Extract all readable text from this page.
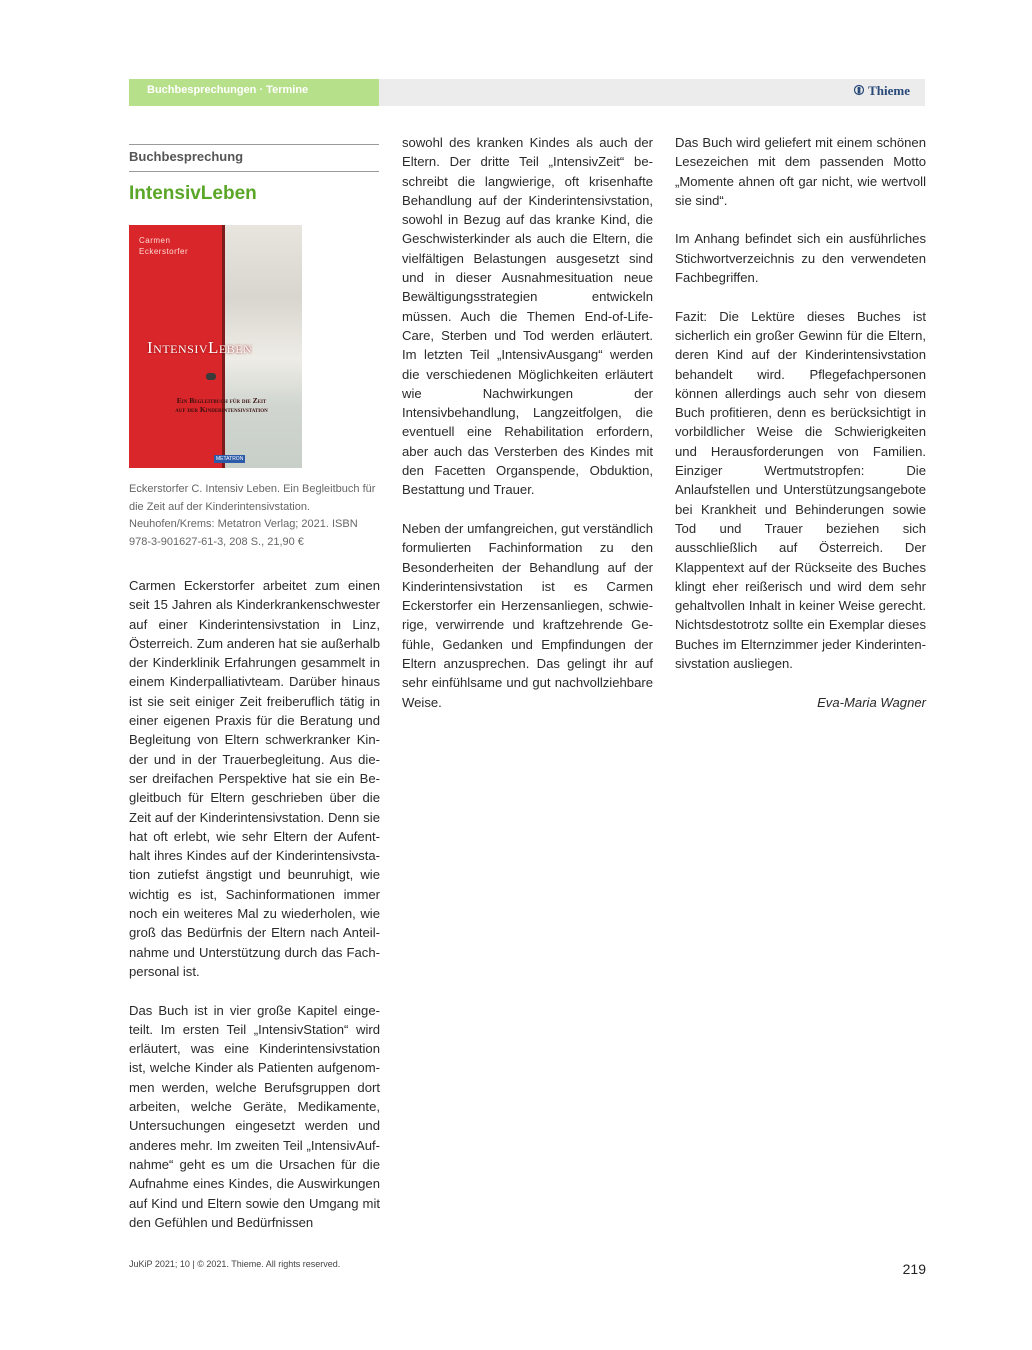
Buchbesprechungen · Termine	Thieme
Buchbesprechung
IntensivLeben
Carmen
Eckerstorfer
IntensivLeben
Ein Begleitbuch für die Zeit
auf der Kinderintensivstation
METATRON
Eckerstorfer C. Intensiv Leben. Ein Begleitbuch für die Zeit auf der Kinderintensivstation. Neuhofen/Krems: Metatron Verlag; 2021. ISBN 978-3-901627-61-3, 208 S., 21,90 €

Carmen Eckerstorfer arbeitet zum einen seit 15 Jahren als Kinderkrankenschwester auf einer Kinderintensivstation in Linz, Österreich. Zum anderen hat sie außerhalb der Kinderklinik Erfahrungen gesammelt in einem Kinderpalliativteam. Darüber hinaus ist sie seit einiger Zeit freiberuflich tätig in einer eigenen Praxis für die Beratung und Begleitung von Eltern schwerkranker Kinder und in der Trauerbegleitung. Aus dieser dreifachen Perspektive hat sie ein Begleitbuch für Eltern geschrieben über die Zeit auf der Kinderintensivstation. Denn sie hat oft erlebt, wie sehr Eltern der Aufenthalt ihres Kindes auf der Kinderintensivstation zutiefst ängstigt und beunruhigt, wie wichtig es ist, Sachinformationen immer noch ein weiteres Mal zu wiederholen, wie groß das Bedürfnis der Eltern nach Anteilnahme und Unterstützung durch das Fachpersonal ist.

Das Buch ist in vier große Kapitel eingeteilt. Im ersten Teil „IntensivStation“ wird erläutert, was eine Kinderintensivstation ist, welche Kinder als Patienten aufgenommen werden, welche Berufsgruppen dort arbeiten, welche Geräte, Medikamente, Untersuchungen eingesetzt werden und anderes mehr. Im zweiten Teil „IntensivAufnahme“ geht es um die Ursachen für die Aufnahme eines Kindes, die Auswirkungen auf Kind und Eltern sowie den Umgang mit den Gefühlen und Bedürfnissen

sowohl des kranken Kindes als auch der Eltern. Der dritte Teil „IntensivZeit“ beschreibt die langwierige, oft krisenhafte Behandlung auf der Kinderintensivstation, sowohl in Bezug auf das kranke Kind, die Geschwisterkinder als auch die Eltern, die vielfältigen Belastungen ausgesetzt sind und in dieser Ausnahmesituation neue Bewältigungsstrategien entwickeln müssen. Auch die Themen End-of-Life-Care, Sterben und Tod werden erläutert. Im letzten Teil „IntensivAusgang“ werden die verschiedenen Möglichkeiten erläutert wie Nachwirkungen der Intensivbehandlung, Langzeitfolgen, die eventuell eine Rehabilitation erfordern, aber auch das Versterben des Kindes mit den Facetten Organspende, Obduktion, Bestattung und Trauer.

Neben der umfangreichen, gut verständlich formulierten Fachinformation zu den Besonderheiten der Behandlung auf der Kinderintensivstation ist es Carmen Eckerstorfer ein Herzensanliegen, schwierige, verwirrende und kraftzehrende Gefühle, Gedanken und Empfindungen der Eltern anzusprechen. Das gelingt ihr auf sehr einfühlsame und gut nachvollziehbare Weise.

Das Buch wird geliefert mit einem schönen Lesezeichen mit dem passenden Motto „Momente ahnen oft gar nicht, wie wertvoll sie sind“.

Im Anhang befindet sich ein ausführliches Stichwortverzeichnis zu den verwendeten Fachbegriffen.

Fazit: Die Lektüre dieses Buches ist sicherlich ein großer Gewinn für die Eltern, deren Kind auf der Kinderintensivstation behandelt wird. Pflegefachpersonen können allerdings auch sehr von diesem Buch profitieren, denn es berücksichtigt in vorbildlicher Weise die Schwierigkeiten und Herausforderungen von Familien. Einziger Wertmutstropfen: Die Anlaufstellen und Unterstützungsangebote bei Krankheit und Behinderungen sowie Tod und Trauer beziehen sich ausschließlich auf Österreich. Der Klappentext auf der Rückseite des Buches klingt eher reißerisch und wird dem sehr gehaltvollen Inhalt in keiner Weise gerecht. Nichtsdestotrotz sollte ein Exemplar dieses Buches im Elternzimmer jeder Kinderintensivstation ausliegen.

Eva-Maria Wagner

JuKiP 2021; 10 | © 2021. Thieme. All rights reserved.	219
